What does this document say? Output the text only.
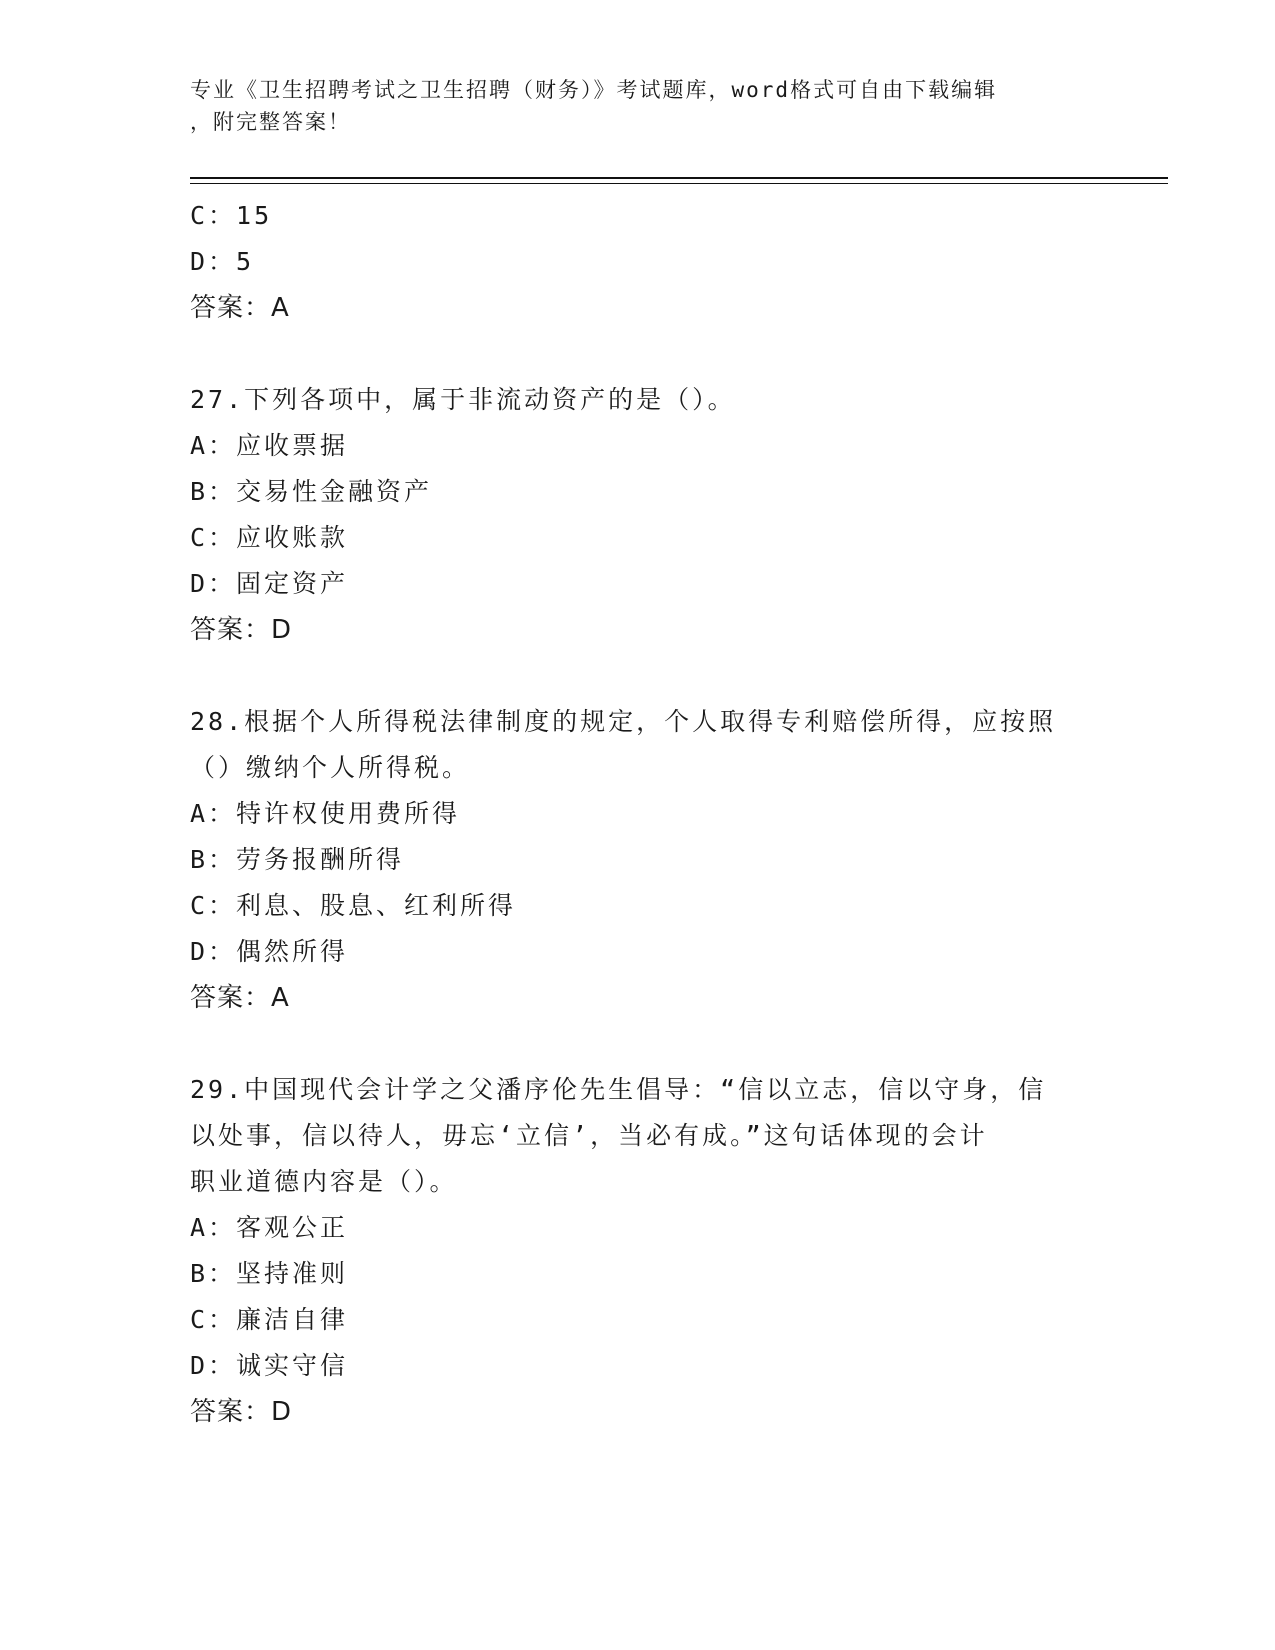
专业《卫生招聘考试之卫生招聘（财务）》考试题库，word格式可自由下载编辑
，附完整答案！
C：15
D：5
答案：A
27.下列各项中，属于非流动资产的是（）。
A：应收票据
B：交易性金融资产
C：应收账款
D：固定资产
答案：D
28.根据个人所得税法律制度的规定，个人取得专利赔偿所得，应按照
（）缴纳个人所得税。
A：特许权使用费所得
B：劳务报酬所得
C：利息、股息、红利所得
D：偶然所得
答案：A
29.中国现代会计学之父潘序伦先生倡导：“信以立志，信以守身，信
以处事，信以待人，毋忘‘立信’，当必有成。”这句话体现的会计
职业道德内容是（）。
A：客观公正
B：坚持准则
C：廉洁自律
D：诚实守信
答案：D
